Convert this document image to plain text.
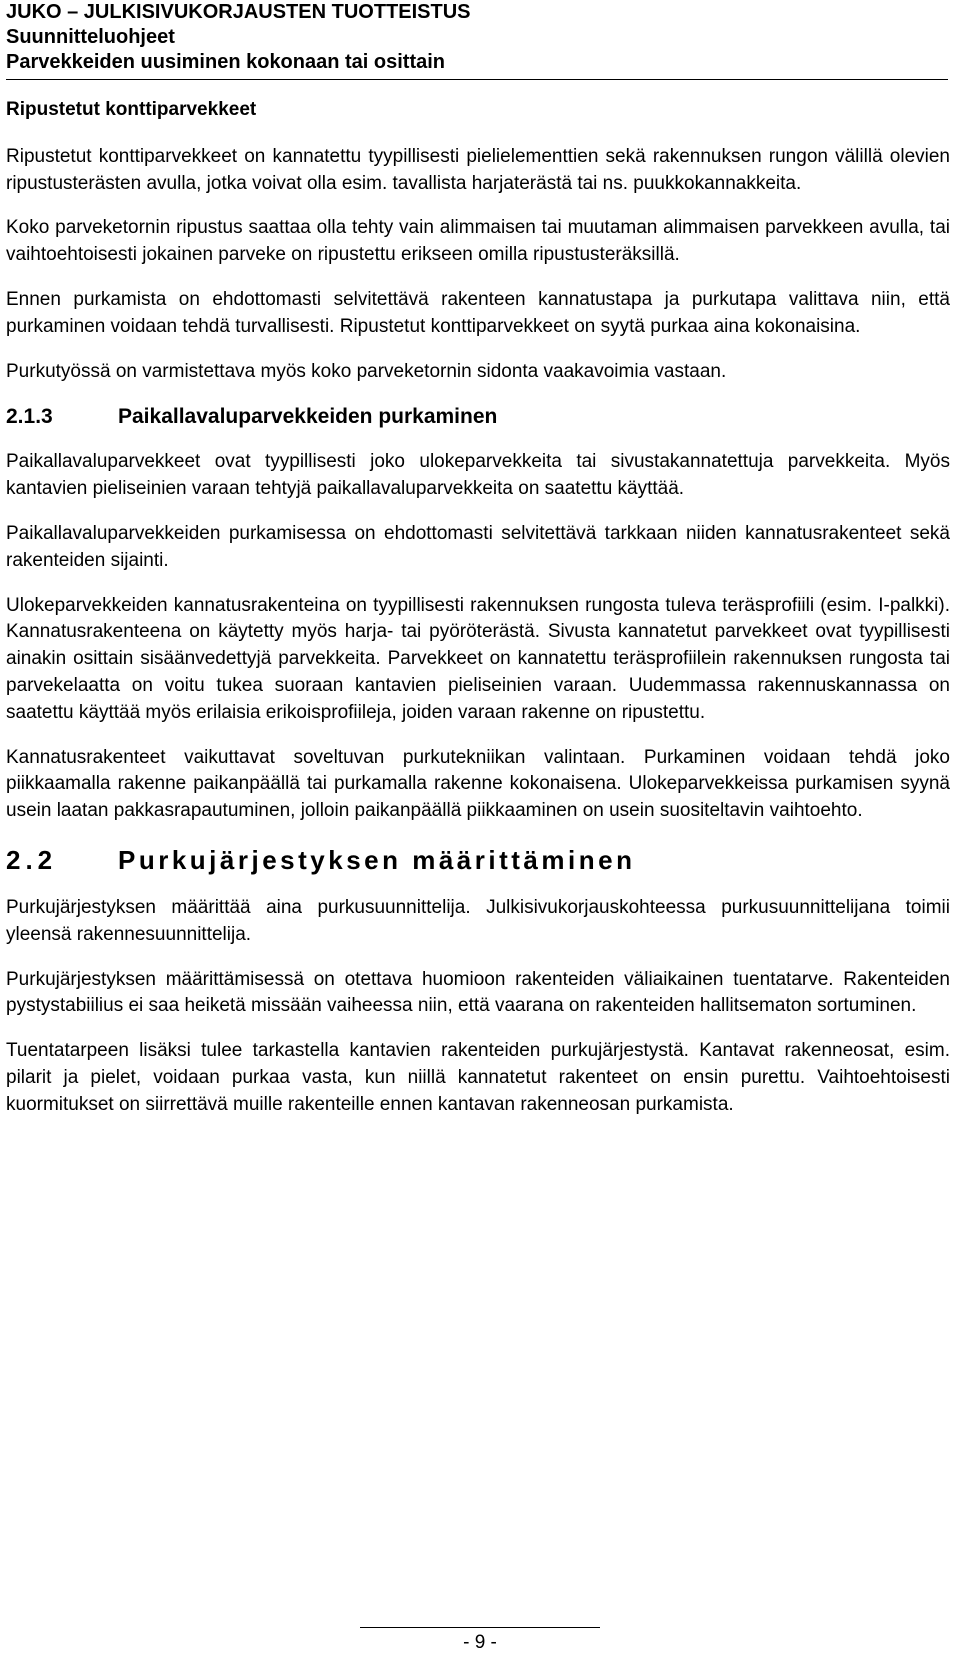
JUKO – JULKISIVUKORJAUSTEN TUOTTEISTUS
Suunnitteluohjeet
Parvekkeiden uusiminen kokonaan tai osittain
Ripustetut konttiparvekkeet

Ripustetut konttiparvekkeet on kannatettu tyypillisesti pielielementtien sekä rakennuksen rungon välillä olevien ripustusterästen avulla, jotka voivat olla esim. tavallista harjaterästä tai ns. puukkokannakkeita.

Koko parveketornin ripustus saattaa olla tehty vain alimmaisen tai muutaman alimmaisen parvekkeen avulla, tai vaihtoehtoisesti jokainen parveke on ripustettu erikseen omilla ripustusteräksillä.

Ennen purkamista on ehdottomasti selvitettävä rakenteen kannatustapa ja purkutapa valittava niin, että purkaminen voidaan tehdä turvallisesti. Ripustetut konttiparvekkeet on syytä purkaa aina kokonaisina.

Purkutyössä on varmistettava myös koko parveketornin sidonta vaakavoimia vastaan.

2.1.3	Paikallavaluparvekkeiden purkaminen

Paikallavaluparvekkeet ovat tyypillisesti joko ulokeparvekkeita tai sivustakannatettuja parvekkeita. Myös kantavien pieliseinien varaan tehtyjä paikallavaluparvekkeita on saatettu käyttää.

Paikallavaluparvekkeiden purkamisessa on ehdottomasti selvitettävä tarkkaan niiden kannatusrakenteet sekä rakenteiden sijainti.

Ulokeparvekkeiden kannatusrakenteina on tyypillisesti rakennuksen rungosta tuleva teräsprofiili (esim. I-palkki). Kannatusrakenteena on käytetty myös harja- tai pyöröterästä. Sivusta kannatetut parvekkeet ovat tyypillisesti ainakin osittain sisäänvedettyjä parvekkeita. Parvekkeet on kannatettu teräsprofiilein rakennuksen rungosta tai parvekelaatta on voitu tukea suoraan kantavien pieliseinien varaan. Uudemmassa rakennuskannassa on saatettu käyttää myös erilaisia erikoisprofiileja, joiden varaan rakenne on ripustettu.

Kannatusrakenteet vaikuttavat soveltuvan purkutekniikan valintaan. Purkaminen voidaan tehdä joko piikkaamalla rakenne paikanpäällä tai purkamalla rakenne kokonaisena. Ulokeparvekkeissa purkamisen syynä usein laatan pakkasrapautuminen, jolloin paikanpäällä piikkaaminen on usein suositeltavin vaihtoehto.

2.2	Purkujärjestyksen määrittäminen

Purkujärjestyksen määrittää aina purkusuunnittelija. Julkisivukorjauskohteessa purkusuunnittelijana toimii yleensä rakennesuunnittelija.

Purkujärjestyksen määrittämisessä on otettava huomioon rakenteiden väliaikainen tuentatarve. Rakenteiden pystystabiilius ei saa heiketä missään vaiheessa niin, että vaarana on rakenteiden hallitsematon sortuminen.

Tuentatarpeen lisäksi tulee tarkastella kantavien rakenteiden purkujärjestystä. Kantavat rakenneosat, esim. pilarit ja pielet, voidaan purkaa vasta, kun niillä kannatetut rakenteet on ensin purettu. Vaihtoehtoisesti kuormitukset on siirrettävä muille rakenteille ennen kantavan rakenneosan purkamista.

- 9 -
